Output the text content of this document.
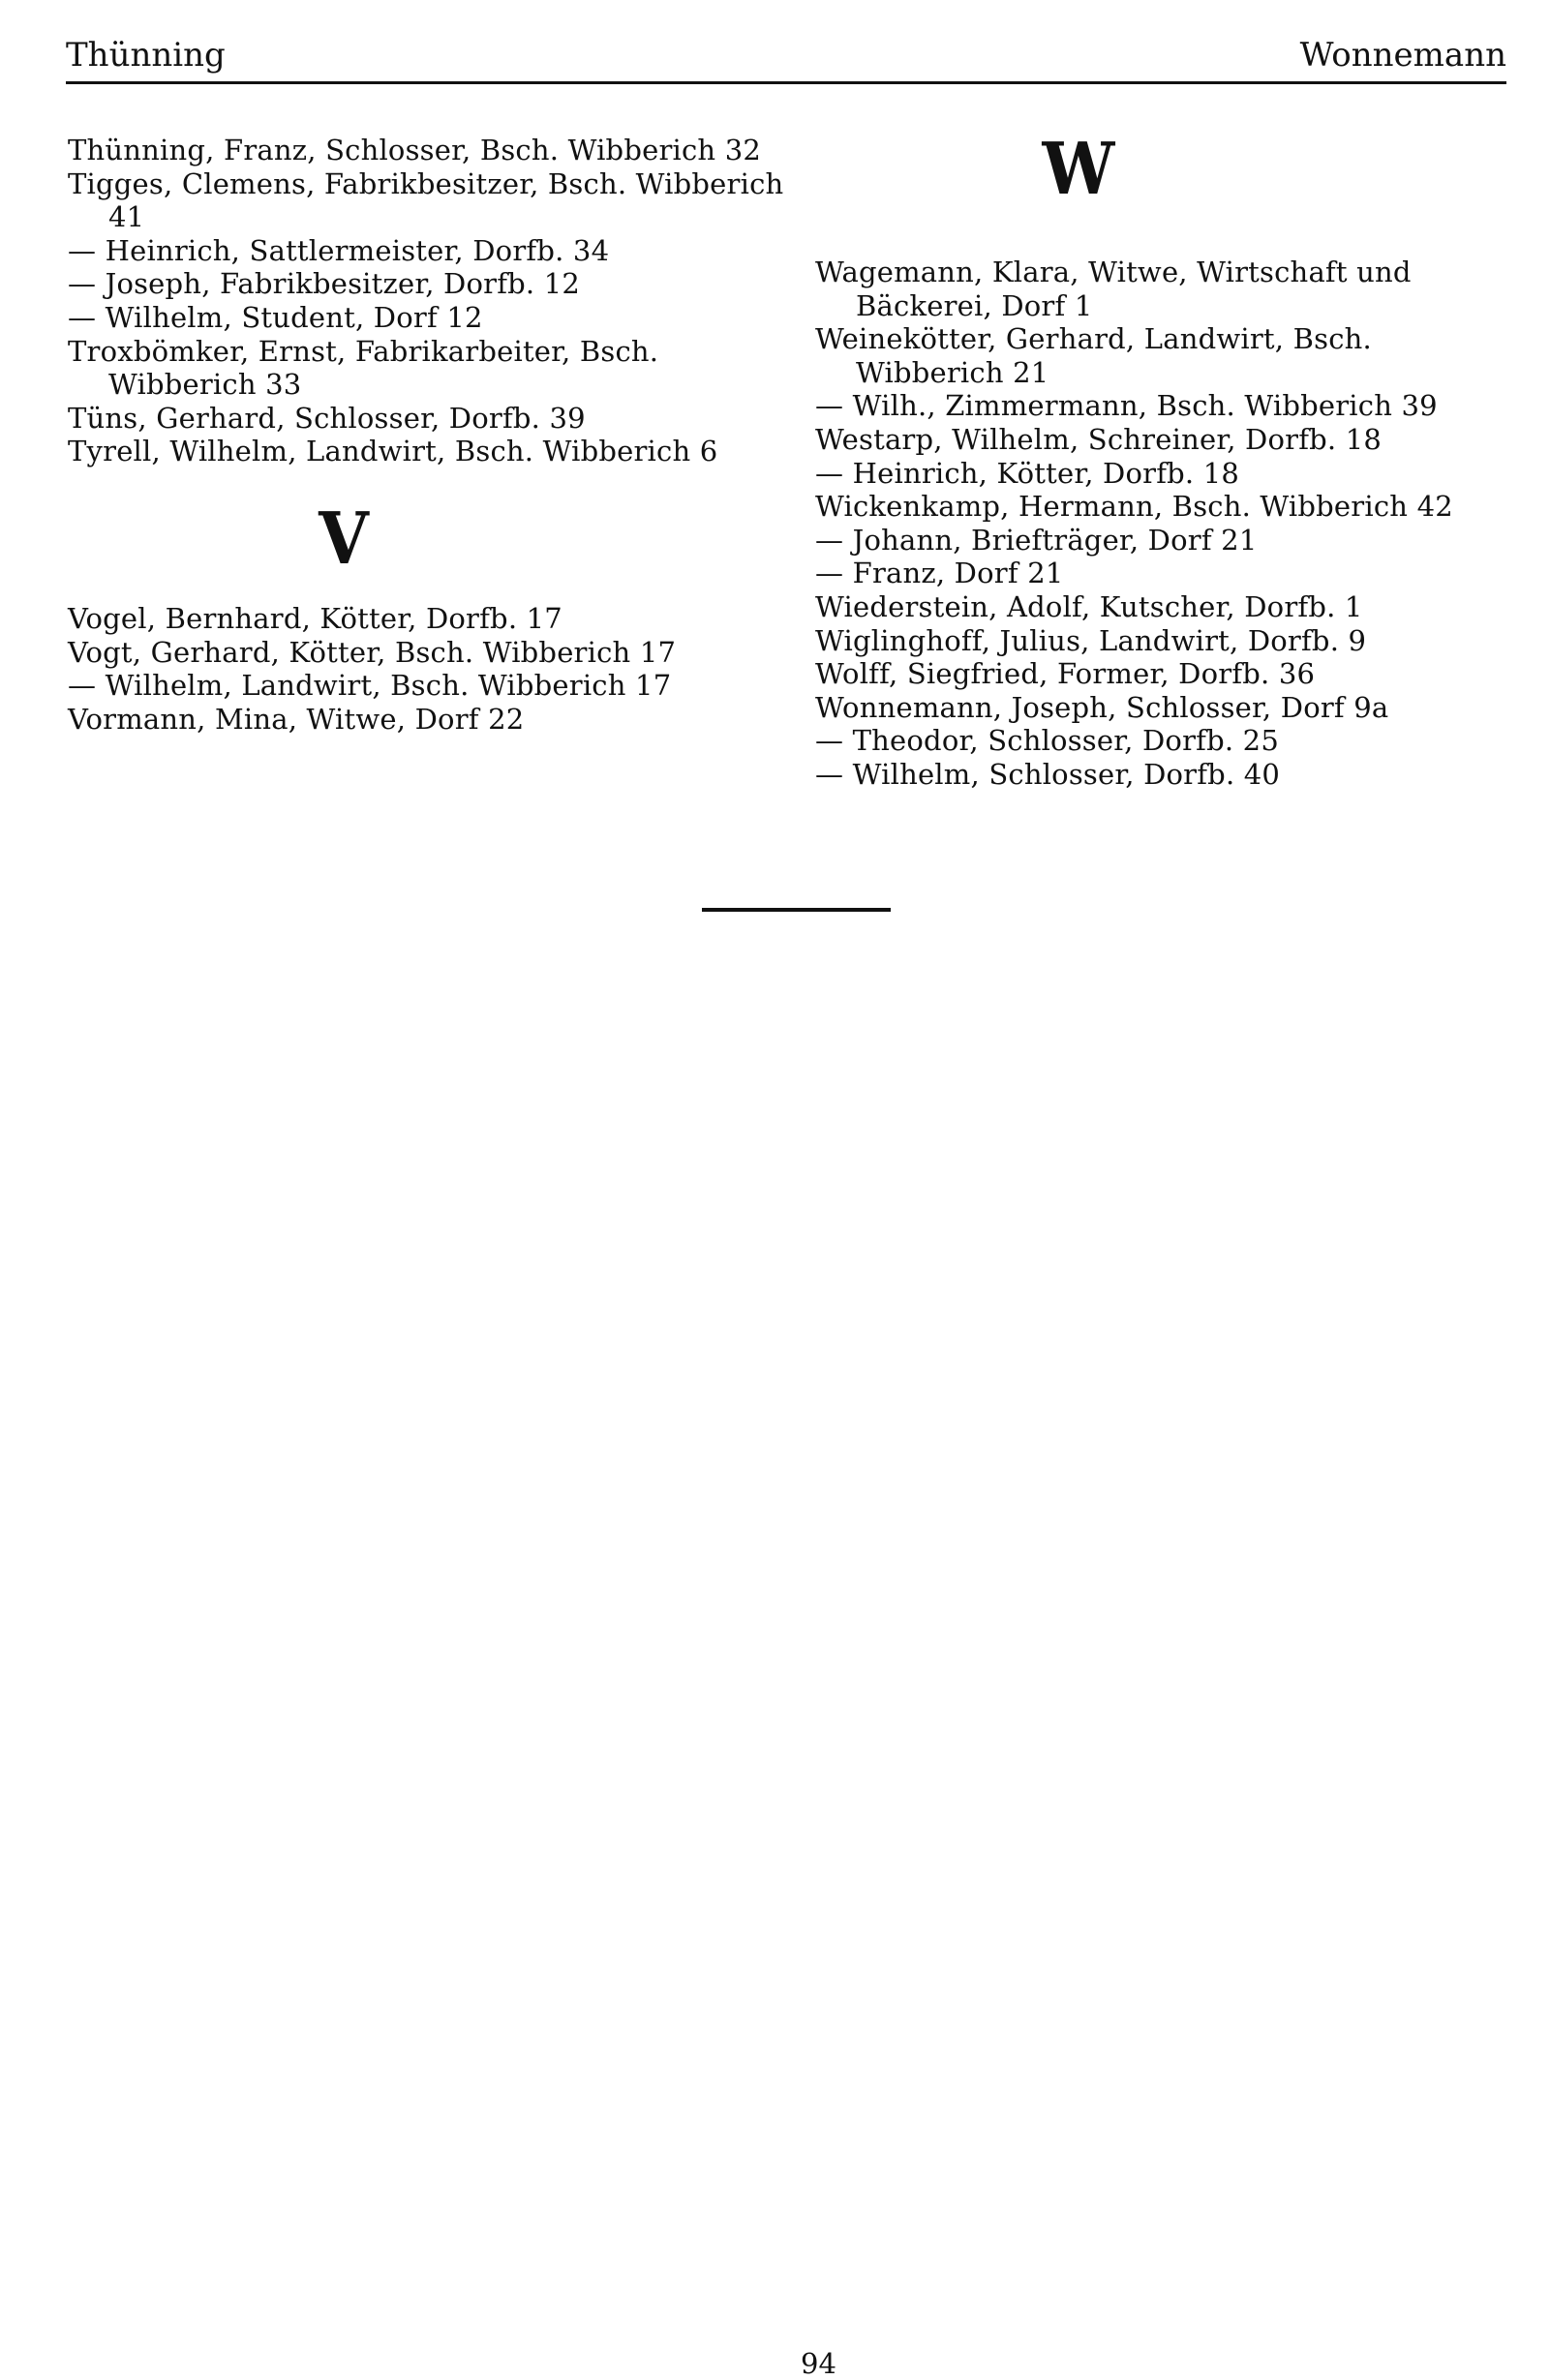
Thünning	Wonnemann
Thünning, Franz, Schlosser, Bsch. Wibberich 32
Tigges, Clemens, Fabrikbesitzer, Bsch. Wibberich 41
— Heinrich, Sattlermeister, Dorfb. 34
— Joseph, Fabrikbesitzer, Dorfb. 12
— Wilhelm, Student, Dorf 12
Troxbömker, Ernst, Fabrikarbeiter, Bsch. Wibberich 33
Tüns, Gerhard, Schlosser, Dorfb. 39
Tyrell, Wilhelm, Landwirt, Bsch. Wibberich 6
V
Vogel, Bernhard, Kötter, Dorfb. 17
Vogt, Gerhard, Kötter, Bsch. Wibberich 17
— Wilhelm, Landwirt, Bsch. Wibberich 17
Vormann, Mina, Witwe, Dorf 22
W
Wagemann, Klara, Witwe, Wirtschaft und Bäckerei, Dorf 1
Weinekötter, Gerhard, Landwirt, Bsch. Wibberich 21
— Wilh., Zimmermann, Bsch. Wibberich 39
Westarp, Wilhelm, Schreiner, Dorfb. 18
— Heinrich, Kötter, Dorfb. 18
Wickenkamp, Hermann, Bsch. Wibberich 42
— Johann, Briefträger, Dorf 21
— Franz, Dorf 21
Wiederstein, Adolf, Kutscher, Dorfb. 1
Wiglinghoff, Julius, Landwirt, Dorfb. 9
Wolff, Siegfried, Former, Dorfb. 36
Wonnemann, Joseph, Schlosser, Dorf 9a
— Theodor, Schlosser, Dorfb. 25
— Wilhelm, Schlosser, Dorfb. 40
94
